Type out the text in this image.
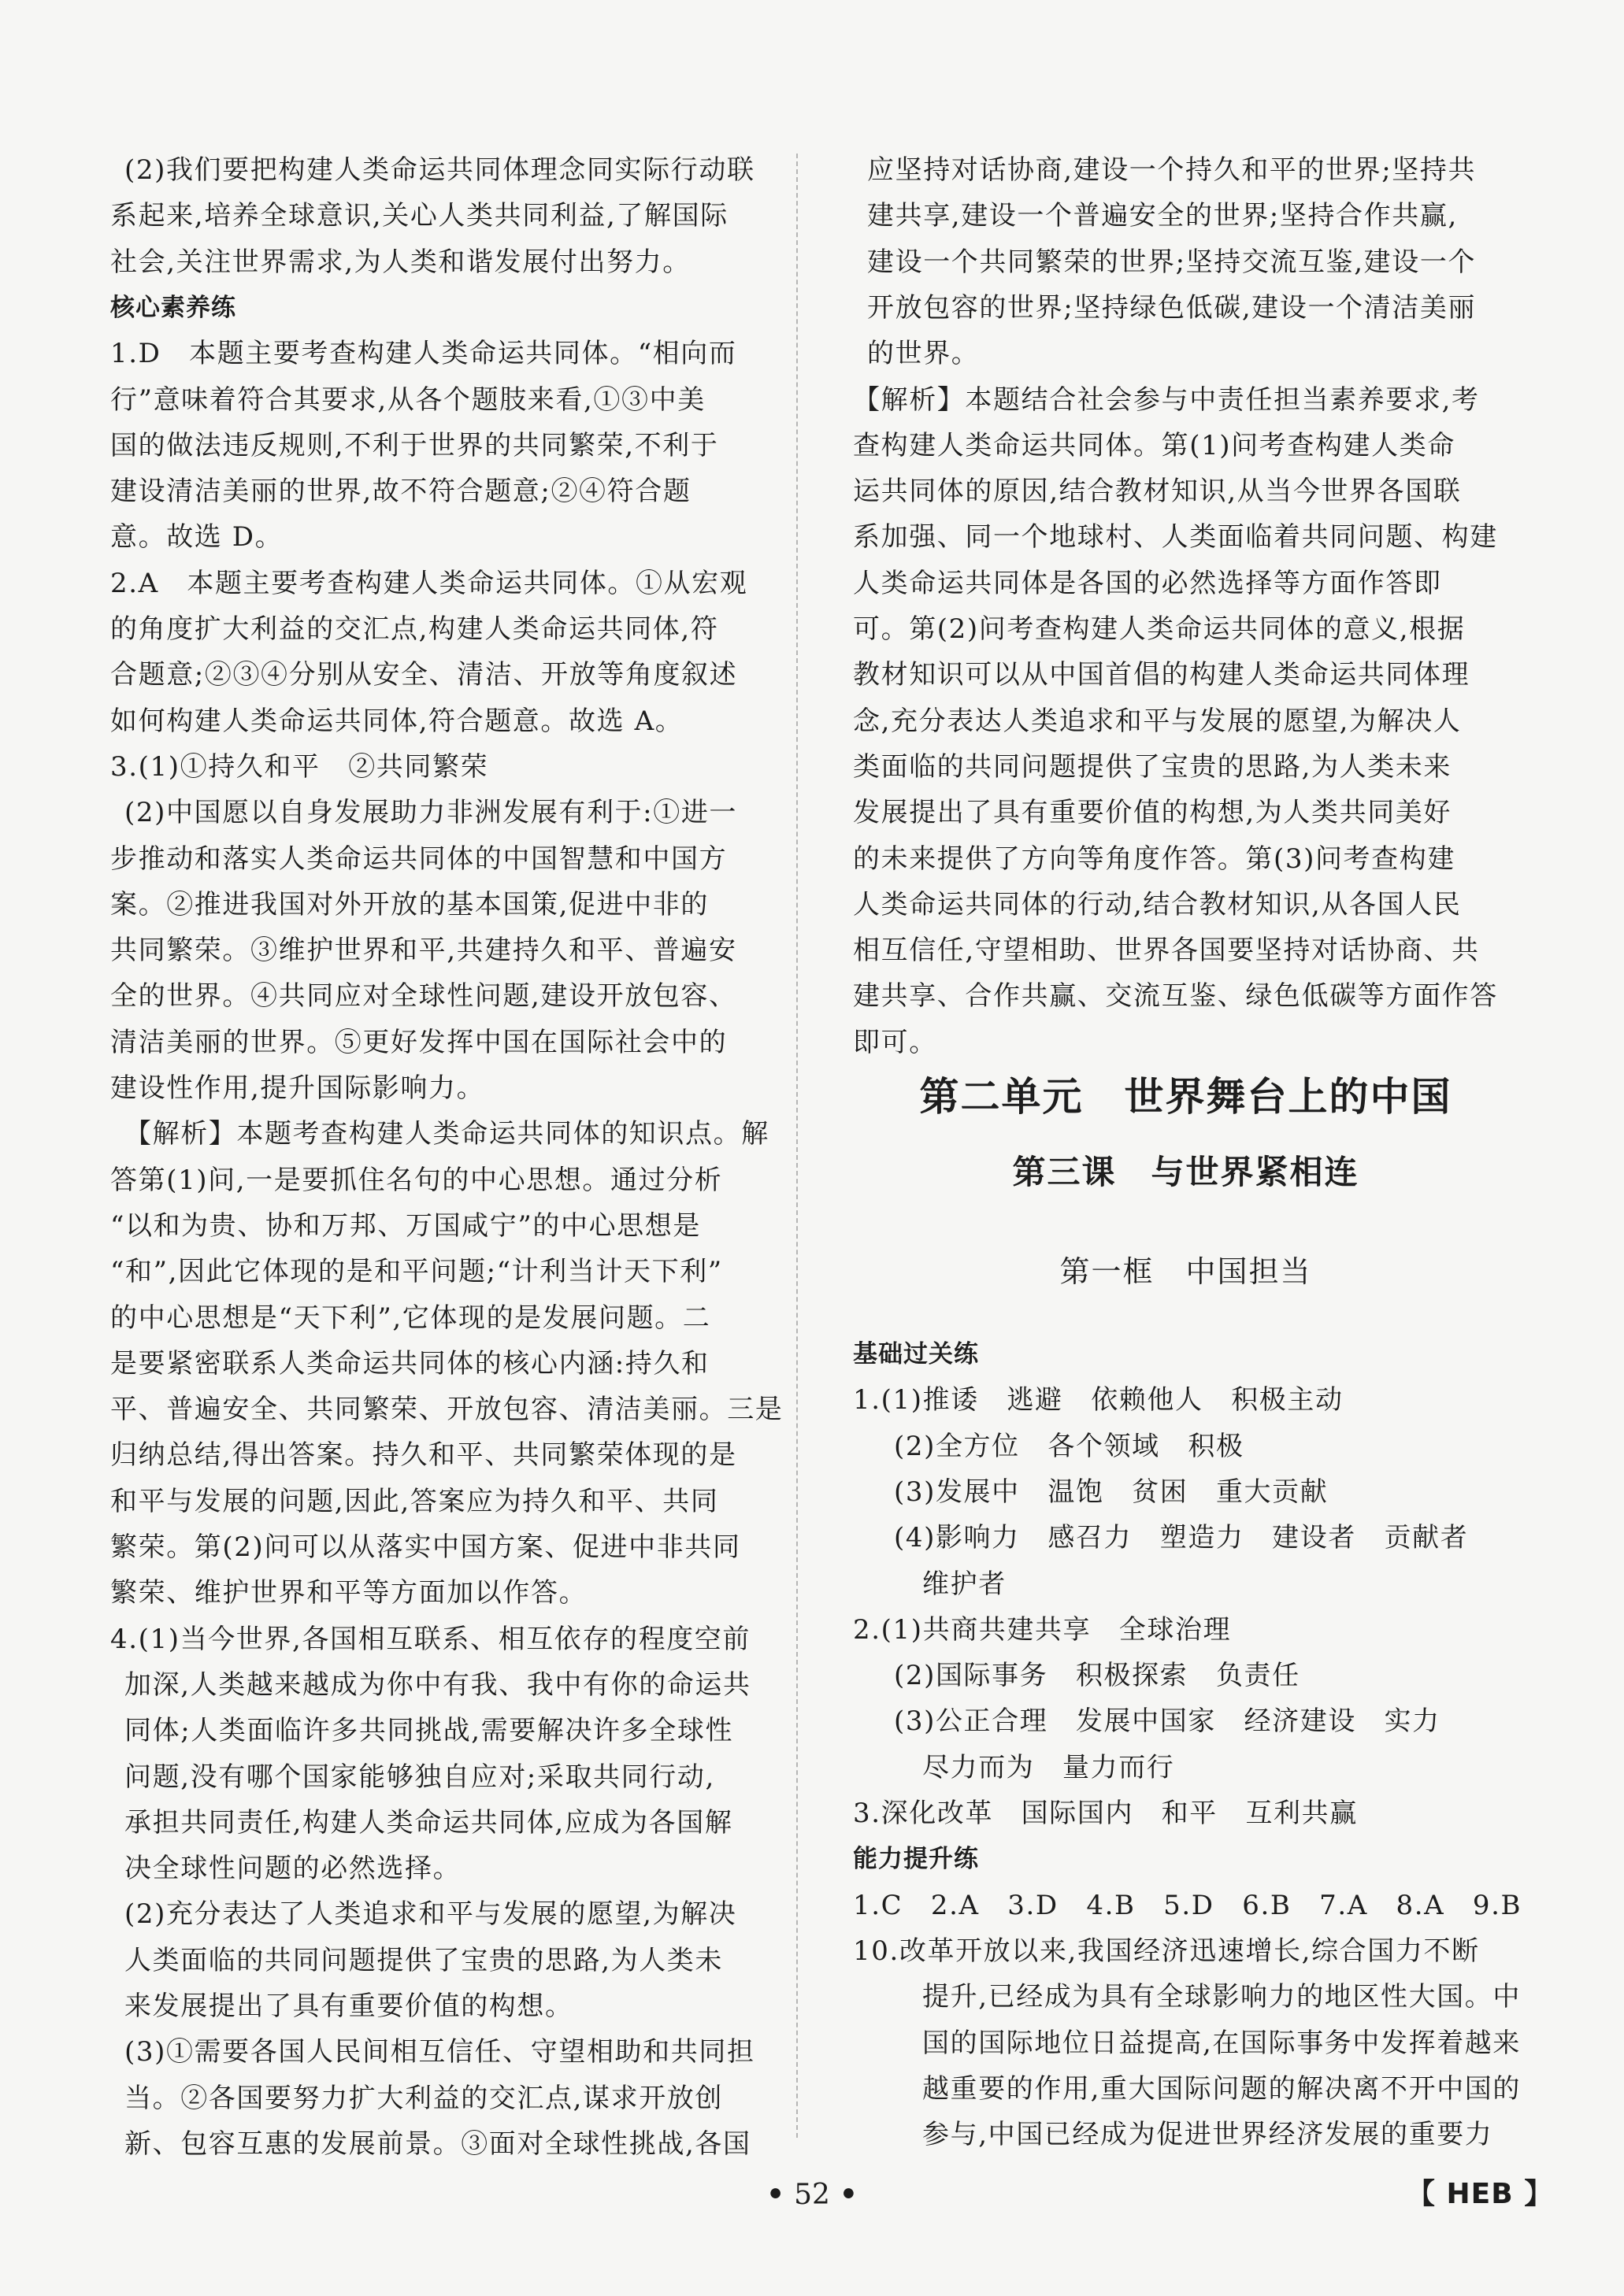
(2)我们要把构建人类命运共同体理念同实际行动联
系起来,培养全球意识,关心人类共同利益,了解国际
社会,关注世界需求,为人类和谐发展付出努力。
核心素养练
1.D　本题主要考查构建人类命运共同体。“相向而
行”意味着符合其要求,从各个题肢来看,①③中美
国的做法违反规则,不利于世界的共同繁荣,不利于
建设清洁美丽的世界,故不符合题意;②④符合题
意。故选 D。
2.A　本题主要考查构建人类命运共同体。①从宏观
的角度扩大利益的交汇点,构建人类命运共同体,符
合题意;②③④分别从安全、清洁、开放等角度叙述
如何构建人类命运共同体,符合题意。故选 A。
3.(1)①持久和平　②共同繁荣
(2)中国愿以自身发展助力非洲发展有利于:①进一
步推动和落实人类命运共同体的中国智慧和中国方
案。②推进我国对外开放的基本国策,促进中非的
共同繁荣。③维护世界和平,共建持久和平、普遍安
全的世界。④共同应对全球性问题,建设开放包容、
清洁美丽的世界。⑤更好发挥中国在国际社会中的
建设性作用,提升国际影响力。
【解析】本题考查构建人类命运共同体的知识点。解
答第(1)问,一是要抓住名句的中心思想。通过分析
“以和为贵、协和万邦、万国咸宁”的中心思想是
“和”,因此它体现的是和平问题;“计利当计天下利”
的中心思想是“天下利”,它体现的是发展问题。二
是要紧密联系人类命运共同体的核心内涵:持久和
平、普遍安全、共同繁荣、开放包容、清洁美丽。三是
归纳总结,得出答案。持久和平、共同繁荣体现的是
和平与发展的问题,因此,答案应为持久和平、共同
繁荣。第(2)问可以从落实中国方案、促进中非共同
繁荣、维护世界和平等方面加以作答。
4.(1)当今世界,各国相互联系、相互依存的程度空前
加深,人类越来越成为你中有我、我中有你的命运共
同体;人类面临许多共同挑战,需要解决许多全球性
问题,没有哪个国家能够独自应对;采取共同行动,
承担共同责任,构建人类命运共同体,应成为各国解
决全球性问题的必然选择。
(2)充分表达了人类追求和平与发展的愿望,为解决
人类面临的共同问题提供了宝贵的思路,为人类未
来发展提出了具有重要价值的构想。
(3)①需要各国人民间相互信任、守望相助和共同担
当。②各国要努力扩大利益的交汇点,谋求开放创
新、包容互惠的发展前景。③面对全球性挑战,各国
应坚持对话协商,建设一个持久和平的世界;坚持共
建共享,建设一个普遍安全的世界;坚持合作共赢,
建设一个共同繁荣的世界;坚持交流互鉴,建设一个
开放包容的世界;坚持绿色低碳,建设一个清洁美丽
的世界。
【解析】本题结合社会参与中责任担当素养要求,考
查构建人类命运共同体。第(1)问考查构建人类命
运共同体的原因,结合教材知识,从当今世界各国联
系加强、同一个地球村、人类面临着共同问题、构建
人类命运共同体是各国的必然选择等方面作答即
可。第(2)问考查构建人类命运共同体的意义,根据
教材知识可以从中国首倡的构建人类命运共同体理
念,充分表达人类追求和平与发展的愿望,为解决人
类面临的共同问题提供了宝贵的思路,为人类未来
发展提出了具有重要价值的构想,为人类共同美好
的未来提供了方向等角度作答。第(3)问考查构建
人类命运共同体的行动,结合教材知识,从各国人民
相互信任,守望相助、世界各国要坚持对话协商、共
建共享、合作共赢、交流互鉴、绿色低碳等方面作答
即可。
第二单元　世界舞台上的中国
第三课　与世界紧相连
第一框　中国担当
基础过关练
1.(1)推诿　逃避　依赖他人　积极主动
(2)全方位　各个领域　积极
(3)发展中　温饱　贫困　重大贡献
(4)影响力　感召力　塑造力　建设者　贡献者
维护者
2.(1)共商共建共享　全球治理
(2)国际事务　积极探索　负责任
(3)公正合理　发展中国家　经济建设　实力
尽力而为　量力而行
3.深化改革　国际国内　和平　互利共赢
能力提升练
1.C　2.A　3.D　4.B　5.D　6.B　7.A　8.A　9.B
10.改革开放以来,我国经济迅速增长,综合国力不断
提升,已经成为具有全球影响力的地区性大国。中
国的国际地位日益提高,在国际事务中发挥着越来
越重要的作用,重大国际问题的解决离不开中国的
参与,中国已经成为促进世界经济发展的重要力
• 52 •	【 HEB 】
